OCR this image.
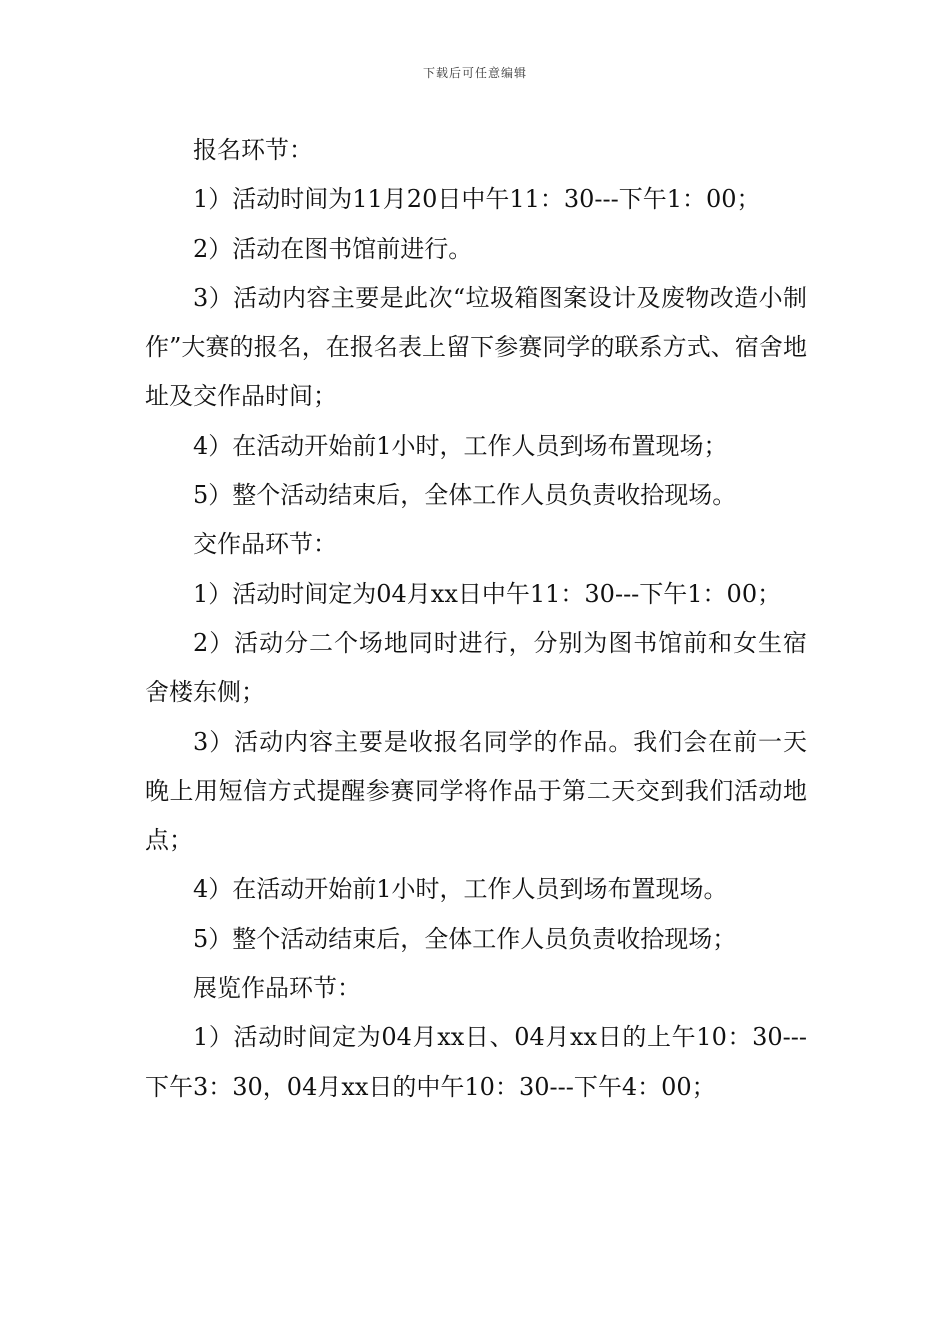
下载后可任意编辑

报名环节：

1）活动时间为11月20日中午11：30---下午1：00；

2）活动在图书馆前进行。

3）活动内容主要是此次“垃圾箱图案设计及废物改造小制作”大赛的报名，在报名表上留下参赛同学的联系方式、宿舍地址及交作品时间；

4）在活动开始前1小时，工作人员到场布置现场；

5）整个活动结束后，全体工作人员负责收拾现场。

交作品环节：

1）活动时间定为04月xx日中午11：30---下午1：00；

2）活动分二个场地同时进行，分别为图书馆前和女生宿舍楼东侧；

3）活动内容主要是收报名同学的作品。我们会在前一天晚上用短信方式提醒参赛同学将作品于第二天交到我们活动地点；

4）在活动开始前1小时，工作人员到场布置现场。

5）整个活动结束后，全体工作人员负责收拾现场；

展览作品环节：

1）活动时间定为04月xx日、04月xx日的上午10：30---下午3：30，04月xx日的中午10：30---下午4：00；
